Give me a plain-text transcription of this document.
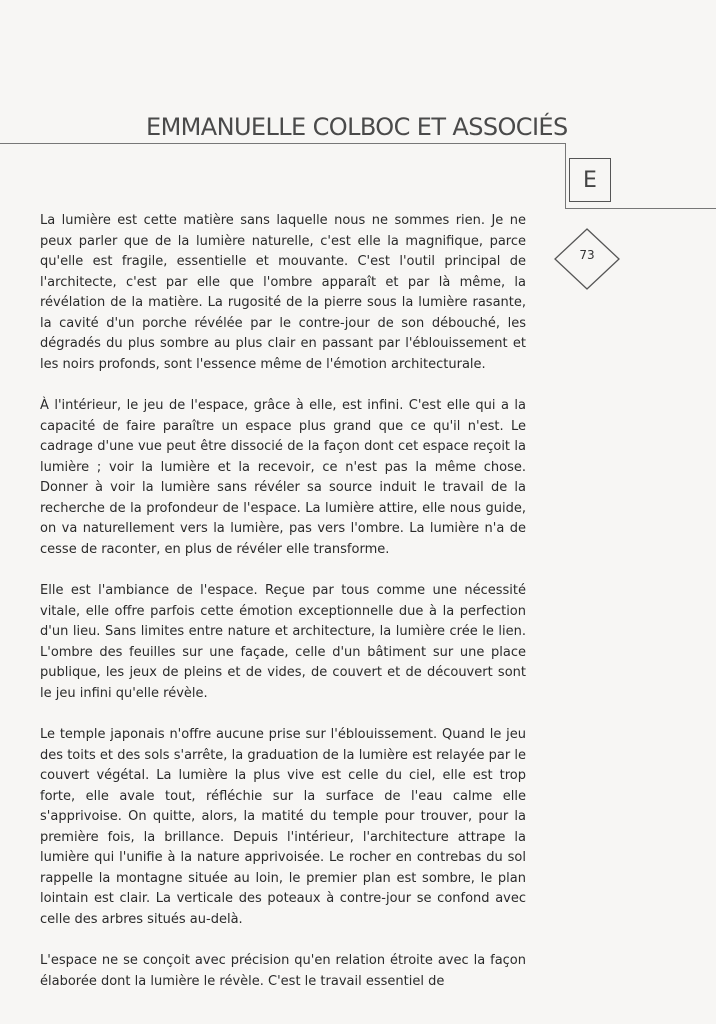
EMMANUELLE COLBOC ET ASSOCIÉS
E
73

La lumière est cette matière sans laquelle nous ne sommes rien. Je ne peux parler que de la lumière naturelle, c'est elle la magnifique, parce qu'elle est fragile, essentielle et mouvante. C'est l'outil principal de l'architecte, c'est par elle que l'ombre apparaît et par là même, la révélation de la matière. La rugosité de la pierre sous la lumière rasante, la cavité d'un porche révélée par le contre-jour de son débouché, les dégradés du plus sombre au plus clair en passant par l'éblouissement et les noirs profonds, sont l'essence même de l'émotion architecturale.

À l'intérieur, le jeu de l'espace, grâce à elle, est infini. C'est elle qui a la capacité de faire paraître un espace plus grand que ce qu'il n'est. Le cadrage d'une vue peut être dissocié de la façon dont cet espace reçoit la lumière ; voir la lumière et la recevoir, ce n'est pas la même chose. Donner à voir la lumière sans révéler sa source induit le travail de la recherche de la profondeur de l'espace. La lumière attire, elle nous guide, on va naturellement vers la lumière, pas vers l'ombre. La lumière n'a de cesse de raconter, en plus de révéler elle transforme.

Elle est l'ambiance de l'espace. Reçue par tous comme une nécessité vitale, elle offre parfois cette émotion exceptionnelle due à la perfection d'un lieu. Sans limites entre nature et architecture, la lumière crée le lien. L'ombre des feuilles sur une façade, celle d'un bâtiment sur une place publique, les jeux de pleins et de vides, de couvert et de découvert sont le jeu infini qu'elle révèle.

Le temple japonais n'offre aucune prise sur l'éblouissement. Quand le jeu des toits et des sols s'arrête, la graduation de la lumière est relayée par le couvert végétal. La lumière la plus vive est celle du ciel, elle est trop forte, elle avale tout, réfléchie sur la surface de l'eau calme elle s'apprivoise. On quitte, alors, la matité du temple pour trouver, pour la première fois, la brillance. Depuis l'intérieur, l'architecture attrape la lumière qui l'unifie à la nature apprivoisée. Le rocher en contrebas du sol rappelle la montagne située au loin, le premier plan est sombre, le plan lointain est clair. La verticale des poteaux à contre-jour se confond avec celle des arbres situés au-delà.

L'espace ne se conçoit avec précision qu'en relation étroite avec la façon élaborée dont la lumière le révèle. C'est le travail essentiel de
